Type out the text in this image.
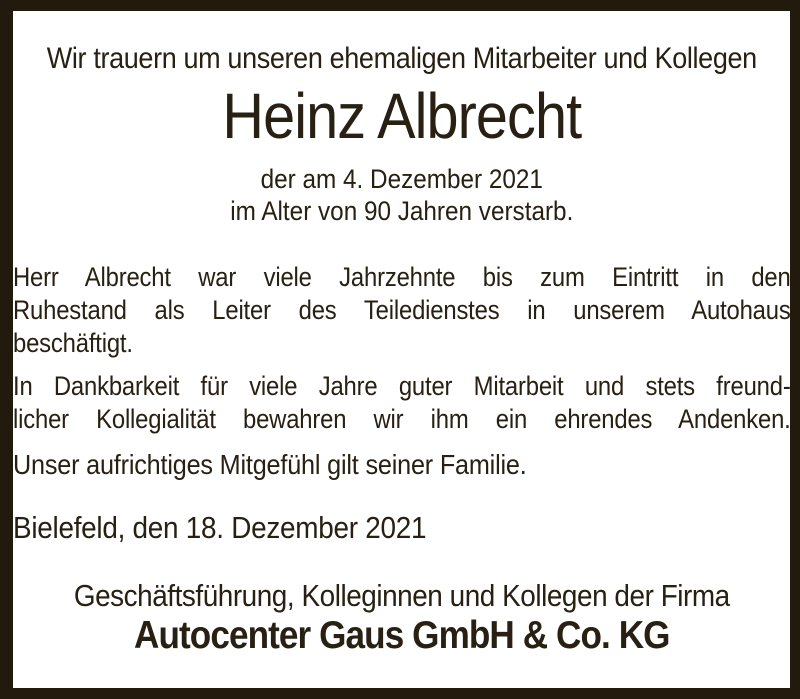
Wir trauern um unseren ehemaligen Mitarbeiter und Kollegen
Heinz Albrecht
der am 4. Dezember 2021
im Alter von 90 Jahren verstarb.
Herr Albrecht war viele Jahrzehnte bis zum Eintritt in den
Ruhestand als Leiter des Teiledienstes in unserem Autohaus
beschäftigt.
In Dankbarkeit für viele Jahre guter Mitarbeit und stets freund-
licher Kollegialität bewahren wir ihm ein ehrendes Andenken.
Unser aufrichtiges Mitgefühl gilt seiner Familie.
Bielefeld, den 18. Dezember 2021
Geschäftsführung, Kolleginnen und Kollegen der Firma
Autocenter Gaus GmbH & Co. KG
